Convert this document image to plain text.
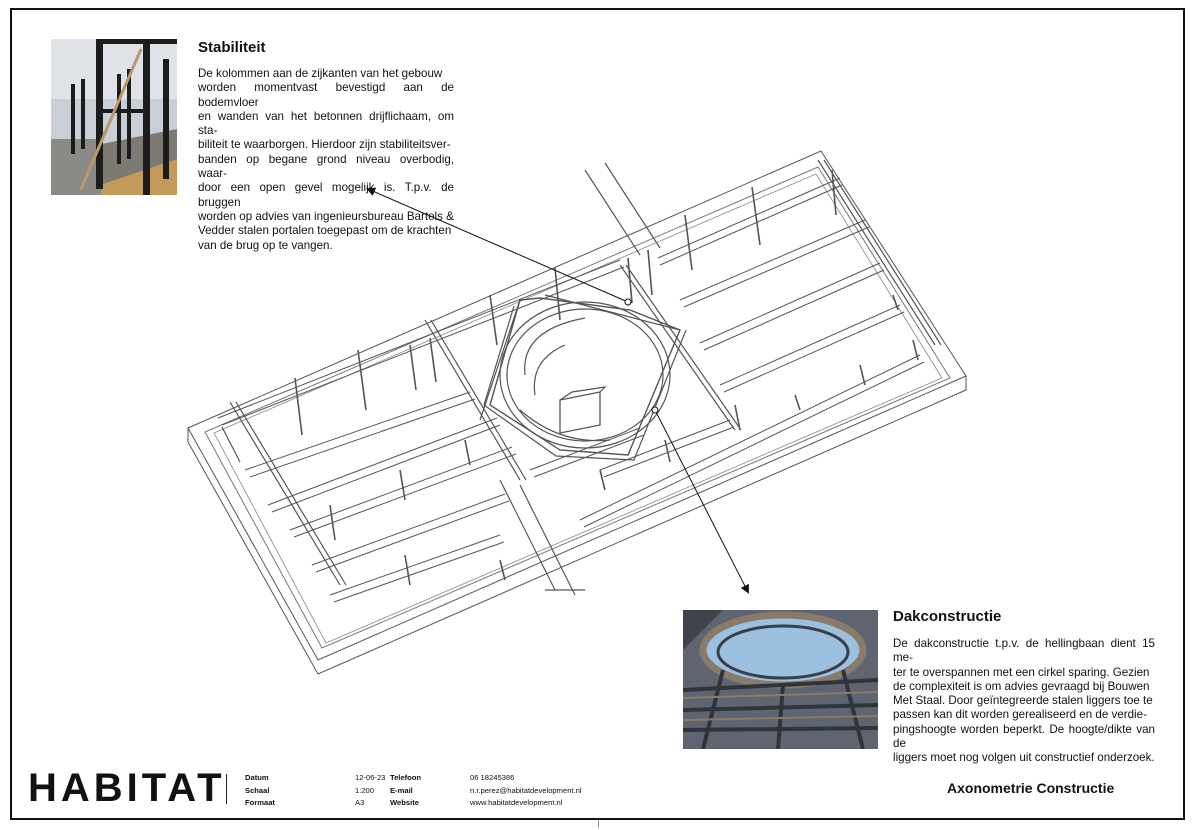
Stabiliteit
De kolommen aan de zijkanten van het gebouw
worden momentvast bevestigd aan de bodemvloer
en wanden van het betonnen drijflichaam, om sta-
biliteit te waarborgen. Hierdoor zijn stabiliteitsver-
banden op begane grond niveau overbodig, waar-
door een open gevel mogelijk is. T.p.v. de bruggen
worden op advies van ingenieursbureau Bartels &
Vedder stalen portalen toegepast om de krachten
van de brug op te vangen.
Dakconstructie
De dakconstructie t.p.v. de hellingbaan dient 15 me-
ter te overspannen met een cirkel sparing. Gezien
de complexiteit is om advies gevraagd bij Bouwen
Met Staal. Door geïntegreerde stalen liggers toe te
passen kan dit worden gerealiseerd en de verdie-
pingshoogte worden beperkt. De hoogte/dikte van de
liggers moet nog volgen uit constructief onderzoek.
HABITAT	Datum
Schaal
Formaat
12-06-23
1:200
A3
Telefoon
E-mail
Website
06 18245386
n.r.perez@habitatdevelopment.nl
www.habitatdevelopment.nl
Axonometrie Constructie
